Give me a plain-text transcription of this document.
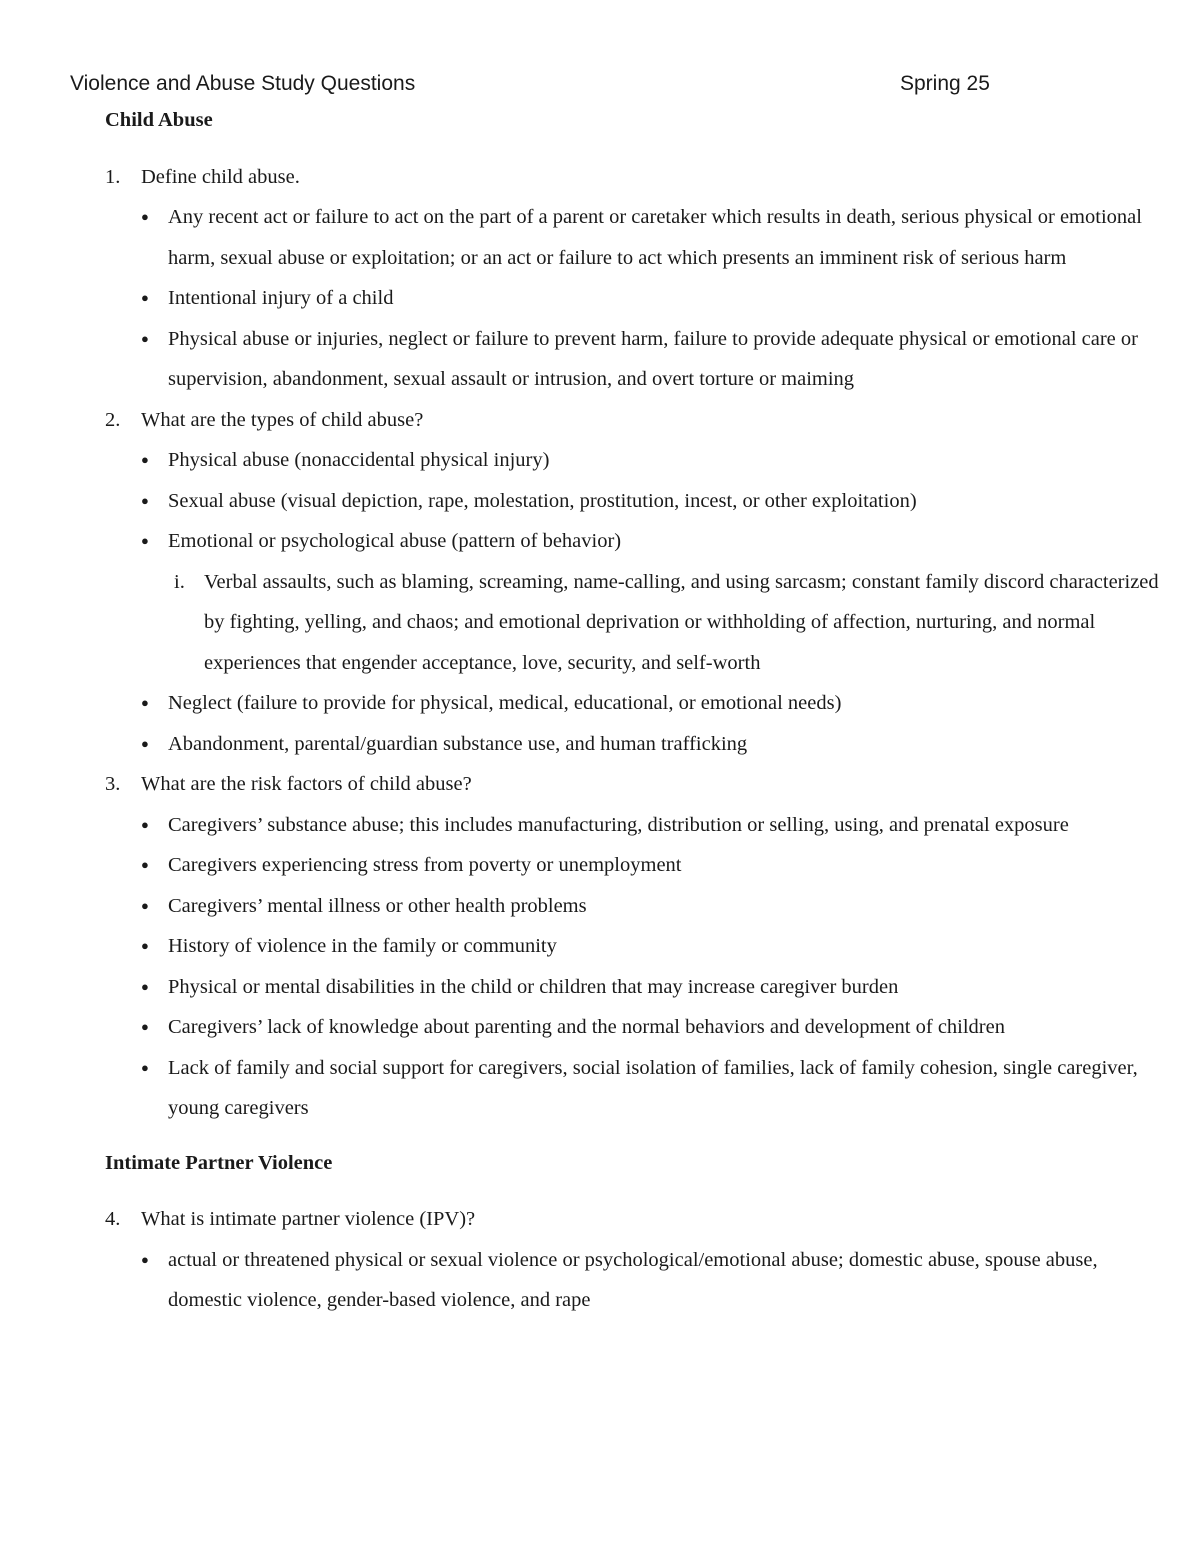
Violence and Abuse Study Questions	Spring 25

Child Abuse

1.	Define child abuse.
● Any recent act or failure to act on the part of a parent or caretaker which results in death, serious physical or emotional harm, sexual abuse or exploitation; or an act or failure to act which presents an imminent risk of serious harm
● Intentional injury of a child
● Physical abuse or injuries, neglect or failure to prevent harm, failure to provide adequate physical or emotional care or supervision, abandonment, sexual assault or intrusion, and overt torture or maiming
2.	What are the types of child abuse?
● Physical abuse (nonaccidental physical injury)
● Sexual abuse (visual depiction, rape, molestation, prostitution, incest, or other exploitation)
● Emotional or psychological abuse (pattern of behavior)
i. Verbal assaults, such as blaming, screaming, name-calling, and using sarcasm; constant family discord characterized by fighting, yelling, and chaos; and emotional deprivation or withholding of affection, nurturing, and normal experiences that engender acceptance, love, security, and self-worth
● Neglect (failure to provide for physical, medical, educational, or emotional needs)
● Abandonment, parental/guardian substance use, and human trafficking
3.	What are the risk factors of child abuse?
● Caregivers’ substance abuse; this includes manufacturing, distribution or selling, using, and prenatal exposure
● Caregivers experiencing stress from poverty or unemployment
● Caregivers’ mental illness or other health problems
● History of violence in the family or community
● Physical or mental disabilities in the child or children that may increase caregiver burden
● Caregivers’ lack of knowledge about parenting and the normal behaviors and development of children
● Lack of family and social support for caregivers, social isolation of families, lack of family cohesion, single caregiver, young caregivers

Intimate Partner Violence

4.	What is intimate partner violence (IPV)?
● actual or threatened physical or sexual violence or psychological/emotional abuse; domestic abuse, spouse abuse, domestic violence, gender-based violence, and rape
